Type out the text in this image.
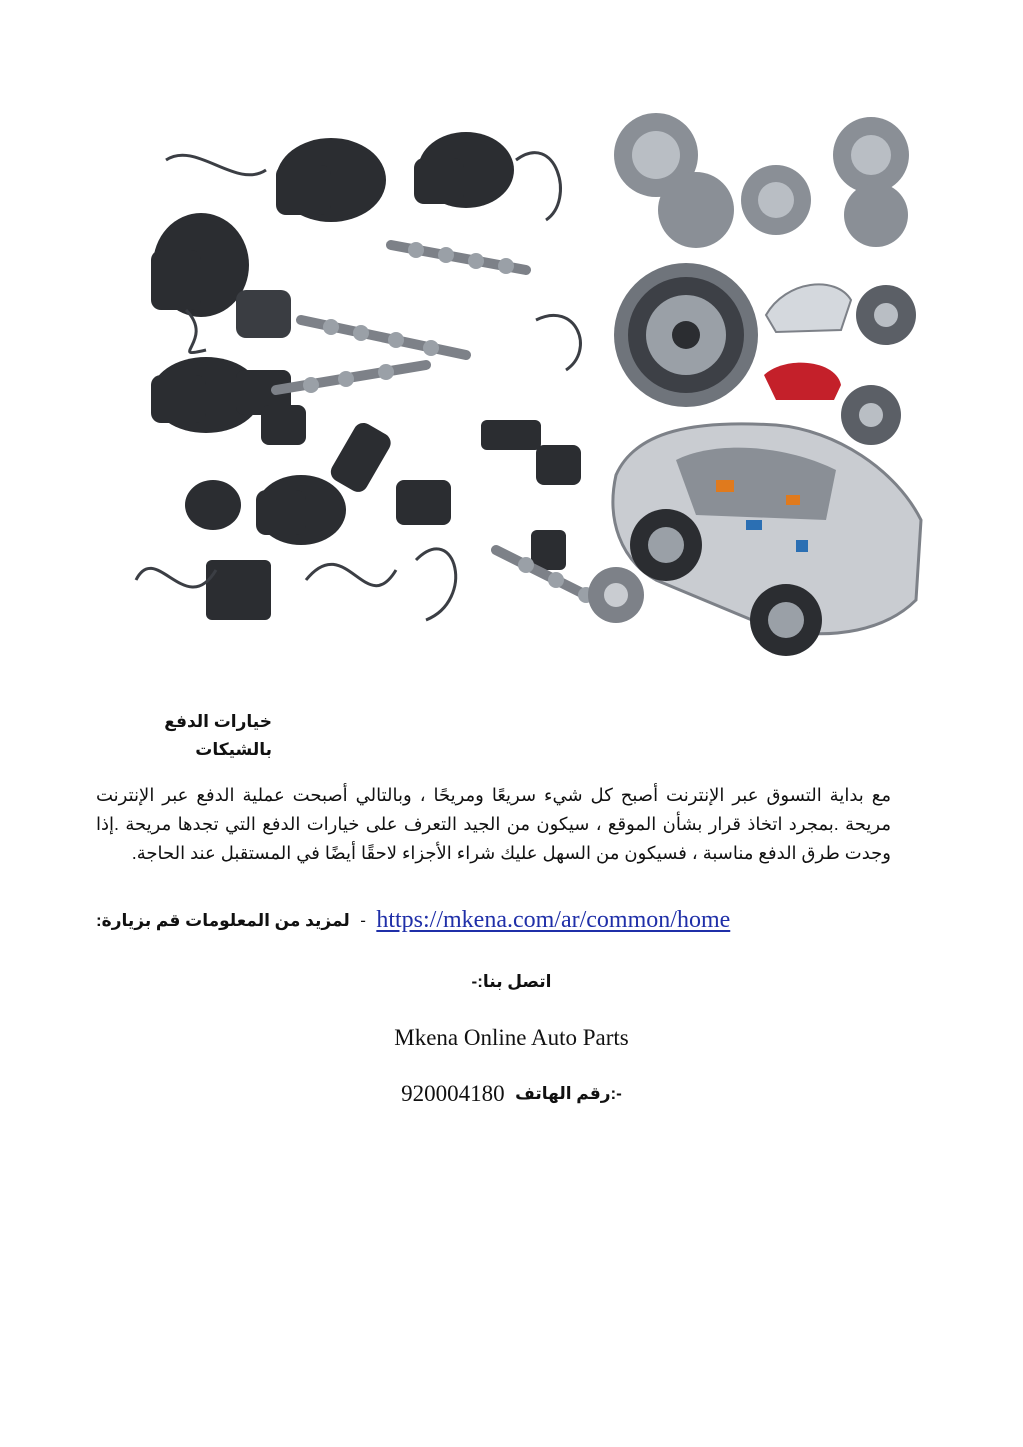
خيارات الدفع بالشيكات
مع بداية التسوق عبر الإنترنت أصبح كل شيء سريعًا ومريحًا ، وبالتالي أصبحت عملية الدفع عبر الإنترنت مريحة .بمجرد اتخاذ قرار بشأن الموقع ، سيكون من الجيد التعرف على خيارات الدفع التي تجدها مريحة .إذا وجدت طرق الدفع مناسبة ، فسيكون من السهل عليك شراء الأجزاء لاحقًا أيضًا في المستقبل عند الحاجة.
لمزيد من المعلومات قم بزيارة: - https://mkena.com/ar/common/home
اتصل بنا:-
Mkena Online Auto Parts
920004180 رقم الهاتف:-
